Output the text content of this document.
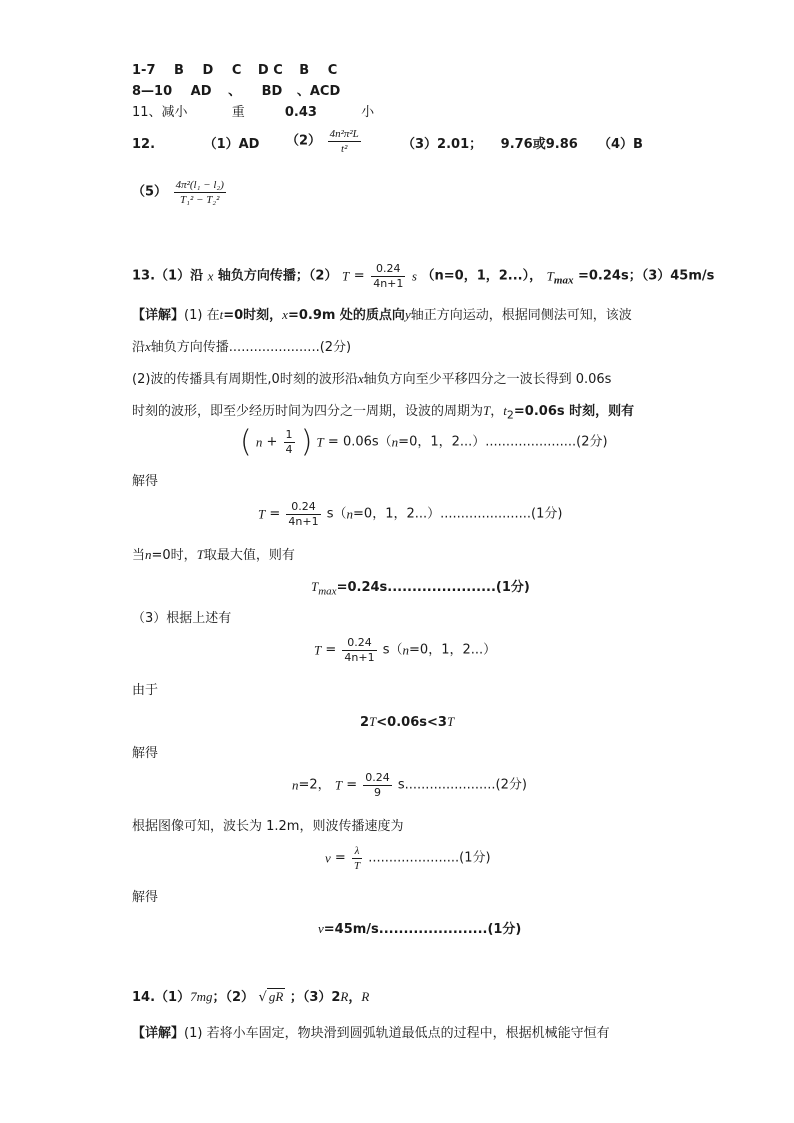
1-7 B D C D C B C
8—10 AD 、 BD 、ACD
11、减小	重	0.43	小
12.	（1）AD $(2) \frac{\text{4n²π²L}}{\text{t²}}$	（3）2.01； 9.76或9.86 （4）B
$(5) \frac{\text{4π²(l₁ − l₂)}}{\text{T₁² − T₂²}}$
13.（1）沿 x 轴负方向传播；（2） $T = \frac{0.24}{4n+1}$ s （n=0，1，2...）， $T_{max} =0.24s$；（3）45m/s
【详解】(1) 在t=0时刻，x=0.9m 处的质点向y轴正方向运动，根据同侧法可知，该波
沿x轴负方向传播......................(2分)
(2)波的传播具有周期性,0时刻的波形沿x轴负方向至少平移四分之一波长得到 0.06s
时刻的波形，即至少经历时间为四分之一周期，设波的周期为T，$t_2=0.06s$ 时刻，则有
( $n + \frac{1}{4}$ ) T = 0.06s（n=0，1，2...）......................(2分)
解得
$T = \frac{0.24}{4n+1} s(n=0$，1，2...）......................(1分)
当n=0时，T取最大值，则有
$T_{max}=0.24s......................(1$分)
（3）根据上述有
$T = \frac{0.24}{4n+1} s(n=0$，1，2...）
由于
2T<0.06s<3T
解得
n=2， $T = \frac{0.24}{9} s......................(2$分)
根据图像可知，波长为 1.2m，则波传播速度为
$v = \frac{\lambda}{T} ......................(1$分)
解得
v=45m/s......................(1分)
14.（1）7mg；（2） √ gR ；（3）2R，R
【详解】(1) 若将小车固定，物块滑到圆弧轨道最低点的过程中，根据机械能守恒有
